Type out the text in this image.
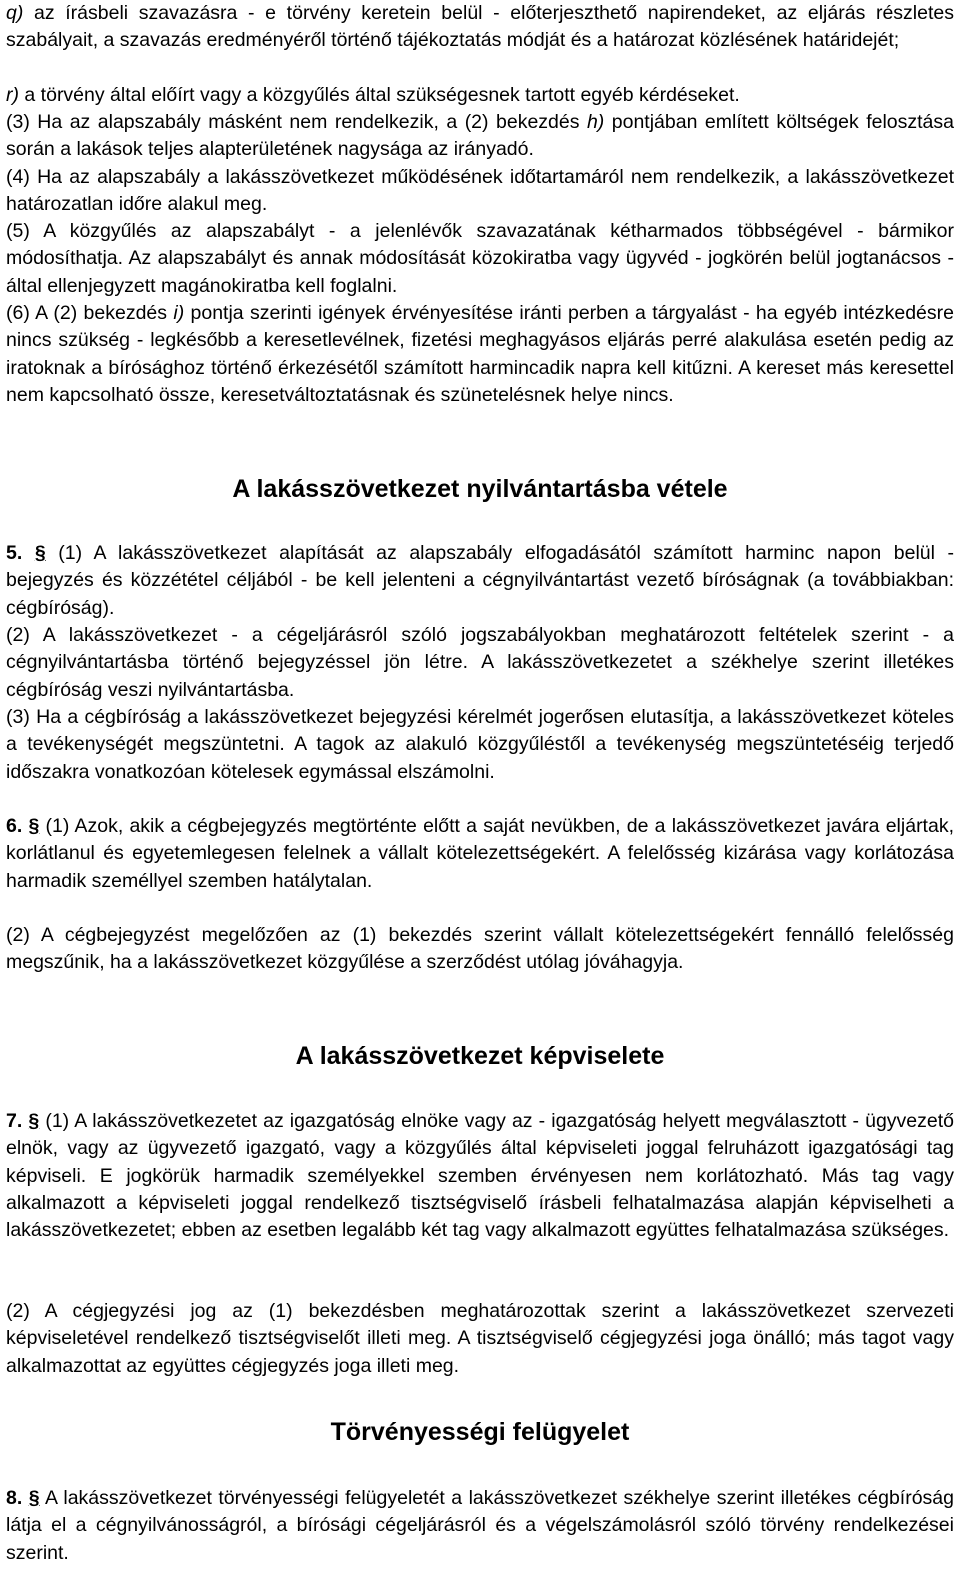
q) az írásbeli szavazásra - e törvény keretein belül - előterjeszthető napirendeket, az eljárás részletes szabályait, a szavazás eredményéről történő tájékoztatás módját és a határozat közlésének határidejét;
r) a törvény által előírt vagy a közgyűlés által szükségesnek tartott egyéb kérdéseket.
(3) Ha az alapszabály másként nem rendelkezik, a (2) bekezdés h) pontjában említett költségek felosztása során a lakások teljes alapterületének nagysága az irányadó.
(4) Ha az alapszabály a lakásszövetkezet működésének időtartamáról nem rendelkezik, a lakásszövetkezet határozatlan időre alakul meg.
(5) A közgyűlés az alapszabályt - a jelenlévők szavazatának kétharmados többségével - bármikor módosíthatja. Az alapszabályt és annak módosítását közokiratba vagy ügyvéd - jogkörén belül jogtanácsos - által ellenjegyzett magánokiratba kell foglalni.
(6) A (2) bekezdés i) pontja szerinti igények érvényesítése iránti perben a tárgyalást - ha egyéb intézkedésre nincs szükség - legkésőbb a keresetlevélnek, fizetési meghagyásos eljárás perré alakulása esetén pedig az iratoknak a bírósághoz történő érkezésétől számított harmincadik napra kell kitűzni. A kereset más keresettel nem kapcsolható össze, keresetváltoztatásnak és szünetelésnek helye nincs.
A lakásszövetkezet nyilvántartásba vétele
5. § (1) A lakásszövetkezet alapítását az alapszabály elfogadásától számított harminc napon belül - bejegyzés és közzététel céljából - be kell jelenteni a cégnyilvántartást vezető bíróságnak (a továbbiakban: cégbíróság).
(2) A lakásszövetkezet - a cégeljárásról szóló jogszabályokban meghatározott feltételek szerint - a cégnyilvántartásba történő bejegyzéssel jön létre. A lakásszövetkezetet a székhelye szerint illetékes cégbíróság veszi nyilvántartásba.
(3) Ha a cégbíróság a lakásszövetkezet bejegyzési kérelmét jogerősen elutasítja, a lakásszövetkezet köteles a tevékenységét megszüntetni. A tagok az alakuló közgyűléstől a tevékenység megszüntetéséig terjedő időszakra vonatkozóan kötelesek egymással elszámolni.
6. § (1) Azok, akik a cégbejegyzés megtörténte előtt a saját nevükben, de a lakásszövetkezet javára eljártak, korlátlanul és egyetemlegesen felelnek a vállalt kötelezettségekért. A felelősség kizárása vagy korlátozása harmadik személlyel szemben hatálytalan.
(2) A cégbejegyzést megelőzően az (1) bekezdés szerint vállalt kötelezettségekért fennálló felelősség megszűnik, ha a lakásszövetkezet közgyűlése a szerződést utólag jóváhagyja.
A lakásszövetkezet képviselete
7. § (1) A lakásszövetkezetet az igazgatóság elnöke vagy az - igazgatóság helyett megválasztott - ügyvezető elnök, vagy az ügyvezető igazgató, vagy a közgyűlés által képviseleti joggal felruházott igazgatósági tag képviseli. E jogkörük harmadik személyekkel szemben érvényesen nem korlátozható. Más tag vagy alkalmazott a képviseleti joggal rendelkező tisztségviselő írásbeli felhatalmazása alapján képviselheti a lakásszövetkezetet; ebben az esetben legalább két tag vagy alkalmazott együttes felhatalmazása szükséges.
(2) A cégjegyzési jog az (1) bekezdésben meghatározottak szerint a lakásszövetkezet szervezeti képviseletével rendelkező tisztségviselőt illeti meg. A tisztségviselő cégjegyzési joga önálló; más tagot vagy alkalmazottat az együttes cégjegyzés joga illeti meg.
Törvényességi felügyelet
8. § A lakásszövetkezet törvényességi felügyeletét a lakásszövetkezet székhelye szerint illetékes cégbíróság látja el a cégnyilvánosságról, a bírósági cégeljárásról és a végelszámolásról szóló törvény rendelkezései szerint.
